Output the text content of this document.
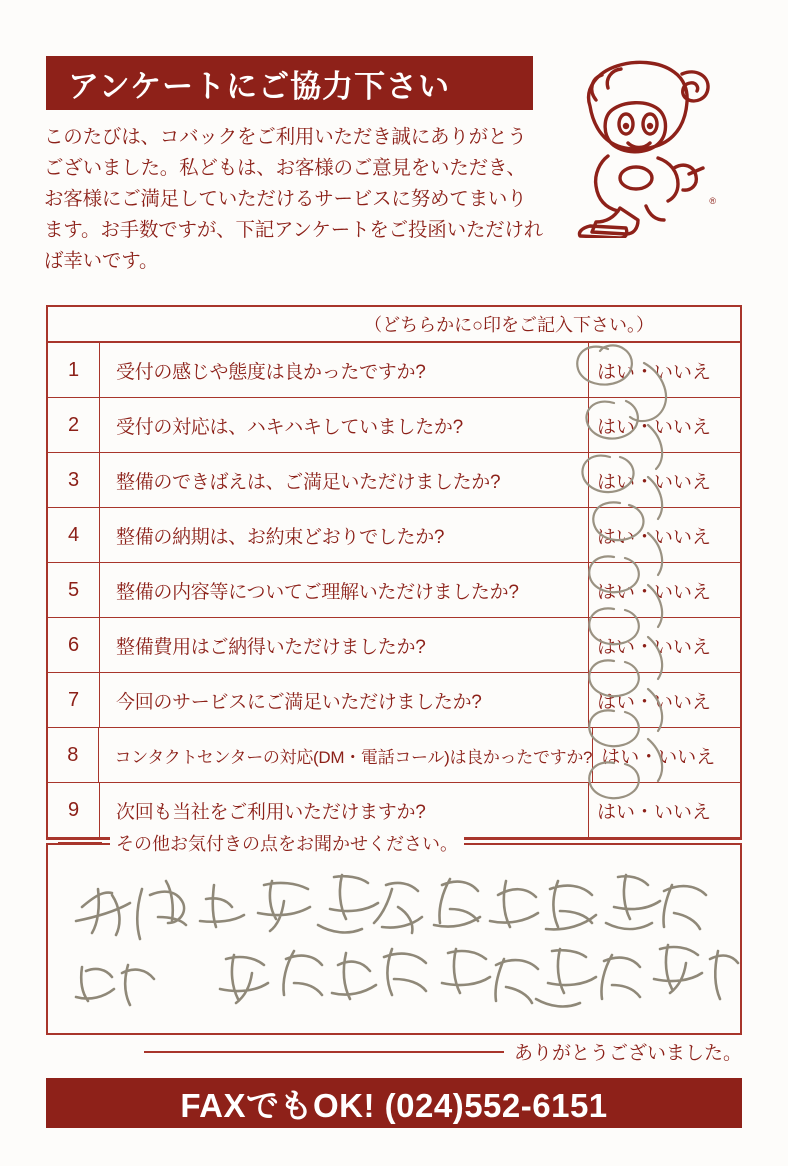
アンケートにご協力下さい
このたびは、コバックをご利用いただき誠にありがとうございました。私どもは、お客様のご意見をいただき、お客様にご満足していただけるサービスに努めてまいります。お手数ですが、下記アンケートをご投函いただければ幸いです。
®
（どちらかに○印をご記入下さい。）
1	受付の感じや態度は良かったですか?	はい・いいえ
2	受付の対応は、ハキハキしていましたか?	はい・いいえ
3	整備のできばえは、ご満足いただけましたか?	はい・いいえ
4	整備の納期は、お約束どおりでしたか?	はい・いいえ
5	整備の内容等についてご理解いただけましたか?	はい・いいえ
6	整備費用はご納得いただけましたか?	はい・いいえ
7	今回のサービスにご満足いただけましたか?	はい・いいえ
8	コンタクトセンターの対応(DM・電話コール)は良かったですか? はい・いいえ
9	次回も当社をご利用いただけますか?	はい・いいえ
その他お気付きの点をお聞かせください。
ありがとうございました。
FAXでもOK! (024)552-6151
